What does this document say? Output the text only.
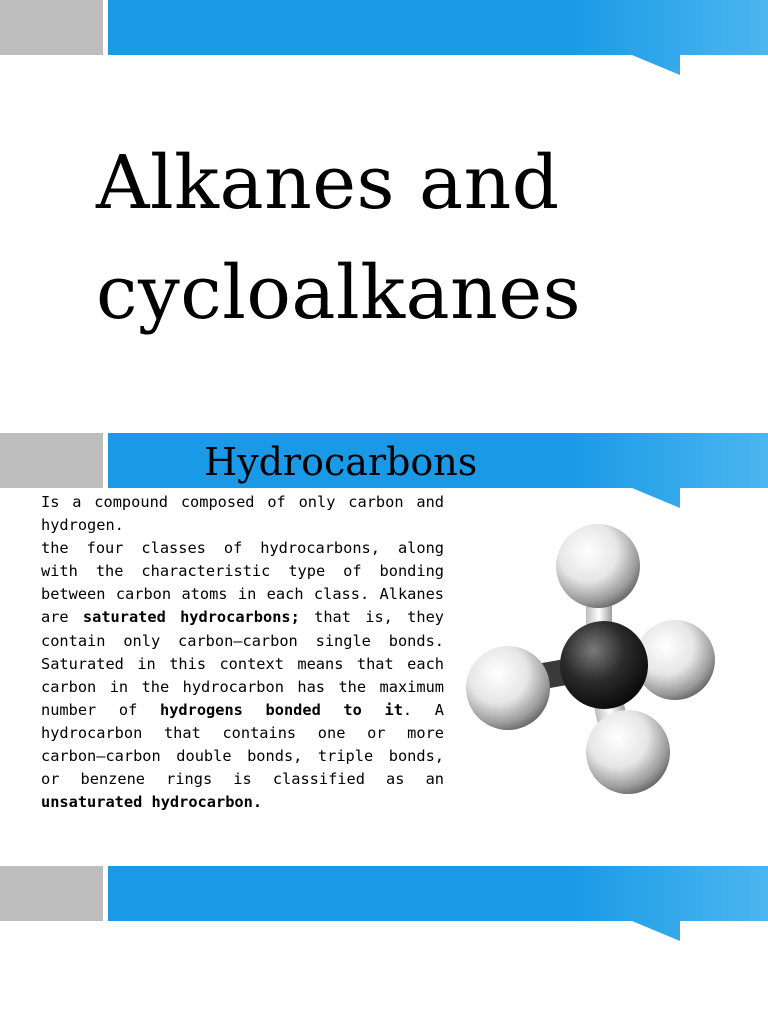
Alkanes and
cycloalkanes
Hydrocarbons
Is a compound composed of only carbon and hydrogen.
the four classes of hydrocarbons, along with the characteristic type of bonding between carbon atoms in each class. Alkanes are saturated hydrocarbons; that is, they contain only carbon–carbon single bonds. Saturated in this context means that each carbon in the hydrocarbon has the maximum number of hydrogens bonded to it. A hydrocarbon that contains one or more carbon–carbon double bonds, triple bonds, or benzene rings is classified as an unsaturated hydrocarbon.
